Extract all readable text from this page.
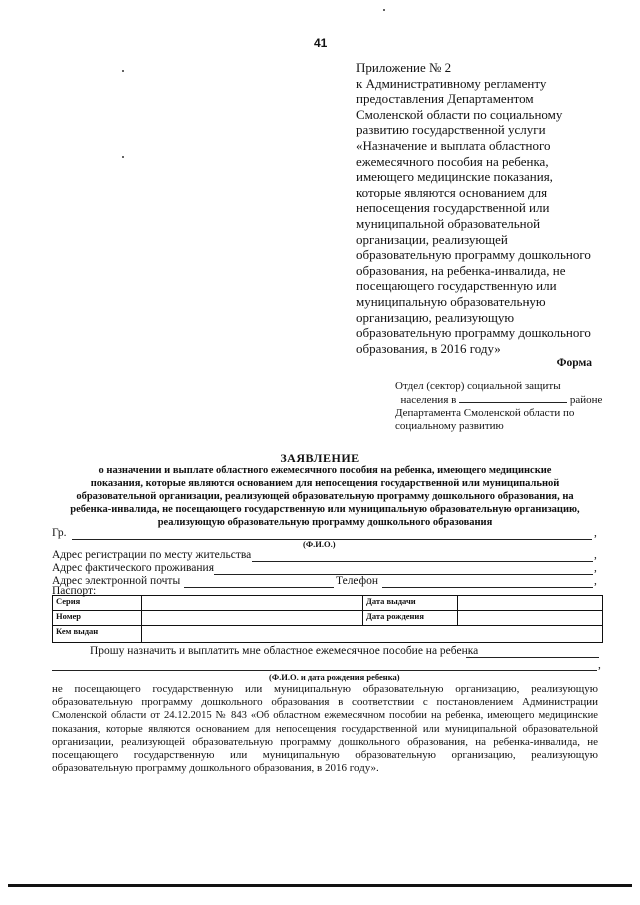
41
Приложение № 2
к Административному регламенту
предоставления Департаментом
Смоленской области по социальному
развитию государственной услуги
«Назначение и выплата областного
ежемесячного пособия на ребенка,
имеющего медицинские показания,
которые являются основанием для
непосещения государственной или
муниципальной образовательной
организации, реализующей
образовательную программу дошкольного
образования, на ребенка-инвалида, не
посещающего государственную или
муниципальную образовательную
организацию, реализующую
образовательную программу дошкольного
образования, в 2016 году»
Форма
Отдел (сектор) социальной защиты
населения в	районе
Департамента Смоленской области по
социальному развитию
ЗАЯВЛЕНИЕ
о назначении и выплате областного ежемесячного пособия на ребенка, имеющего медицинские
показания, которые являются основанием для непосещения государственной или муниципальной
образовательной организации, реализующей образовательную программу дошкольного образования, на
ребенка-инвалида, не посещающего государственную или муниципальную образовательную организацию,
реализующую образовательную программу дошкольного образования
Гр.	,
(Ф.И.О.)
Адрес регистрации по месту жительства	,
Адрес фактического проживания	,
Адрес электронной почты	Телефон	,
Паспорт:
Серия		Дата выдачи	
Номер		Дата рождения	
Кем выдан			
Прошу назначить и выплатить мне областное ежемесячное пособие на ребенка
,
(Ф.И.О. и дата рождения ребенка)
не посещающего государственную или муниципальную образовательную организацию, реализующую
образовательную программу дошкольного образования в соответствии с постановлением Администрации
Смоленской области от 24.12.2015 № 843 «Об областном ежемесячном пособии на ребенка, имеющего медицинские
показания, которые являются основанием для непосещения государственной или муниципальной образовательной
организации, реализующей образовательную программу дошкольного образования, на ребенка-инвалида, не
посещающего государственную или муниципальную образовательную организацию, реализующую
образовательную программу дошкольного образования, в 2016 году».
